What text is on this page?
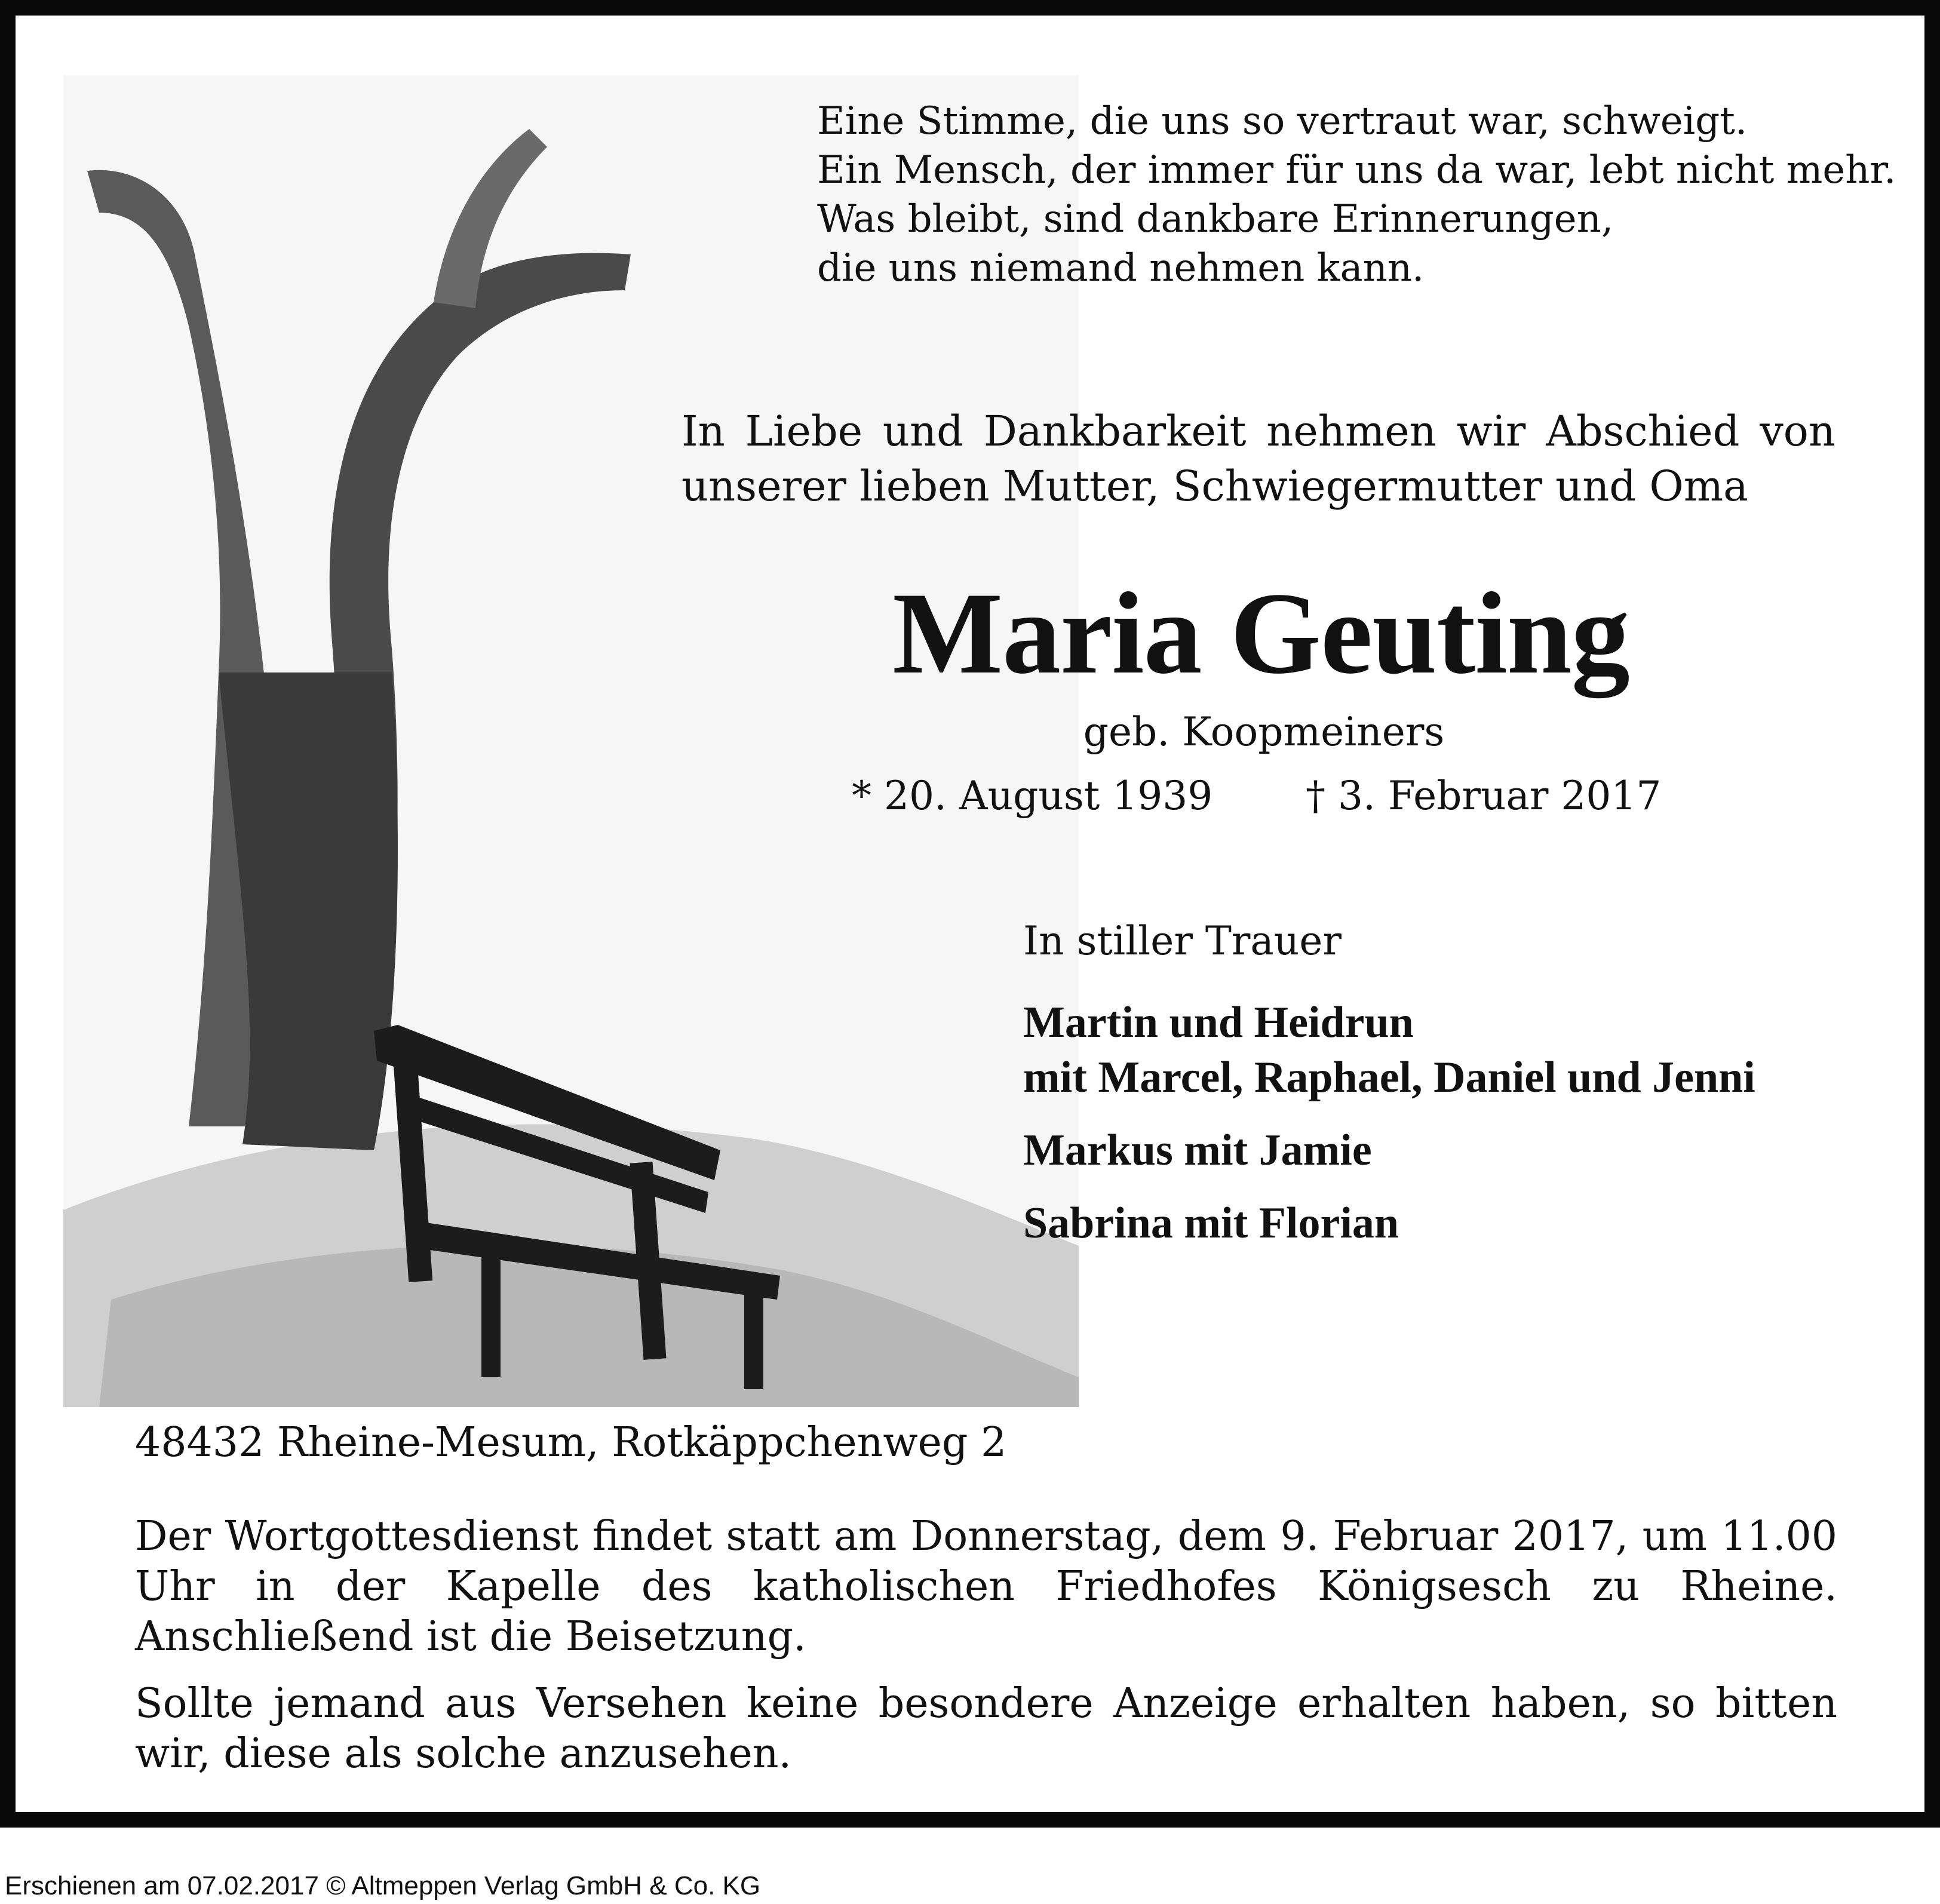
Eine Stimme, die uns so vertraut war, schweigt.
Ein Mensch, der immer für uns da war, lebt nicht mehr.
Was bleibt, sind dankbare Erinnerungen,
die uns niemand nehmen kann.
In Liebe und Dankbarkeit nehmen wir Abschied von
unserer lieben Mutter, Schwiegermutter und Oma
Maria Geuting
geb. Koopmeiners
* 20. August 1939 † 3. Februar 2017
In stiller Trauer
Martin und Heidrun
mit Marcel, Raphael, Daniel und Jenni
Markus mit Jamie
Sabrina mit Florian
48432 Rheine-Mesum, Rotkäppchenweg 2
Der Wortgottesdienst findet statt am Donnerstag, dem 9. Februar 2017, um 11.00 Uhr in der Kapelle des katholischen Friedhofes Königsesch zu Rheine. Anschließend ist die Beisetzung.
Sollte jemand aus Versehen keine besondere Anzeige erhalten haben, so bitten wir, diese als solche anzusehen.
Erschienen am 07.02.2017 © Altmeppen Verlag GmbH & Co. KG
